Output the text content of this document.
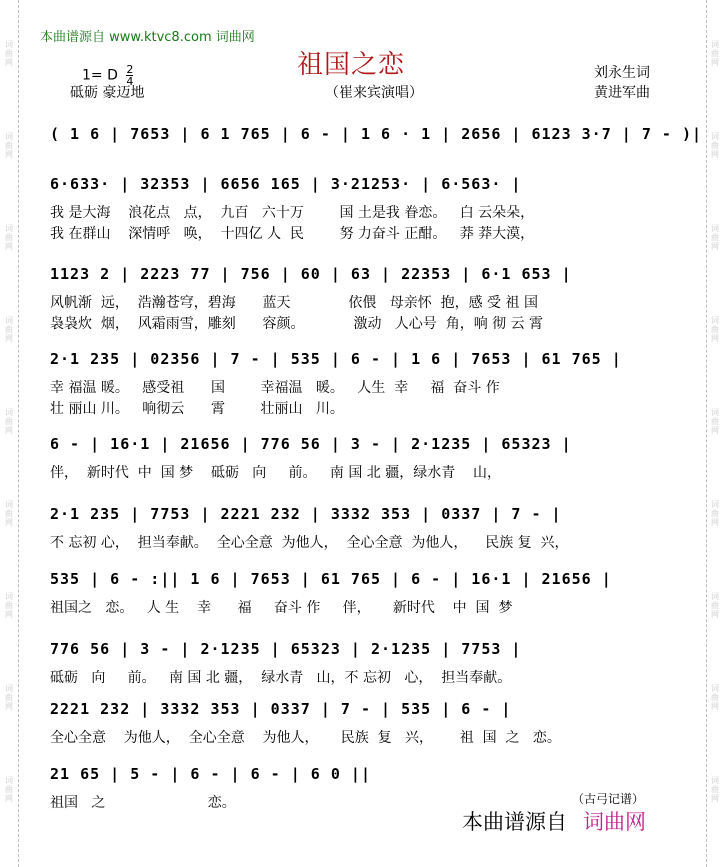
词
曲
网
词
曲
网
词
曲
网
词
曲
网
词
曲
网
词
曲
网
词
曲
网
词
曲
网
词
曲
网
词
曲
网
词
曲
网
词
曲
网
词
曲
网
词
曲
网
词
曲
网
词
曲
网
词
曲
网
词
曲
网
本曲谱源自 www.ktvc8.com 词曲网
祖国之恋
1= D $\frac{2}{4}$
砥砺 豪迈地	（崔来宾演唱）
刘永生词
黄进军曲
( 1 6 | 7653 | 6 1 765 | 6 - | 1 6 · 1 | 2656 | 6123 3·7 | 7 - )|
6·633· | 32353 | 6656 165 | 3·21253· | 6·563· |
我 是大海    浪花点   点，  九百   六十万        国 土是我 眷恋。   白 云朵朵，
我 在群山    深情呼   唤，  十四亿 人  民        努 力奋斗 正酣。   莽 莽大漠，
1123 2 | 2223 77 | 756 | 60 | 63 | 22353 | 6·1 653 |
风帆渐  远，  浩瀚苍穹，碧海      蓝天             依偎   母亲怀  抱，感 受 祖 国
袅袅炊  烟，  风霜雨雪，雕刻      容颜。           激动   人心号  角，响 彻 云 霄
2·1 235 | 02356 | 7 - | 535 | 6 - | 1 6 | 7653 | 61 765 |
幸 福温 暖。   感受祖      国        幸福温   暖。   人生  幸     福  奋斗 作
壮 丽山 川。   响彻云      霄        壮丽山   川。
6 - | 16·1 | 21656 | 776 56 | 3 - | 2·1235 | 65323 |
伴，  新时代  中  国 梦    砥砺   向     前。   南 国 北 疆，绿水青    山，
2·1 235 | 7753 | 2221 232 | 3332 353 | 0337 | 7 - |
不 忘初 心，  担当奉献。  全心全意  为他人，  全心全意  为他人，    民族 复  兴，
535 | 6 - :|| 1 6 | 7653 | 61 765 | 6 - | 16·1 | 21656 |
祖国之   恋。   人 生    幸      福     奋斗 作     伴，     新时代    中  国  梦
776 56 | 3 - | 2·1235 | 65323 | 2·1235 | 7753 |
砥砺   向     前。   南 国 北 疆，  绿水青   山，不 忘初   心，  担当奉献。
2221 232 | 3332 353 | 0337 | 7 - | 535 | 6 - |
全心全意    为他人，  全心全意    为他人，     民族  复   兴，      祖  国  之   恋。
21 65 | 5 - | 6 - | 6 - | 6 0 ||
祖国   之                       恋。	（古弓记谱）
本曲谱源自 词曲网
